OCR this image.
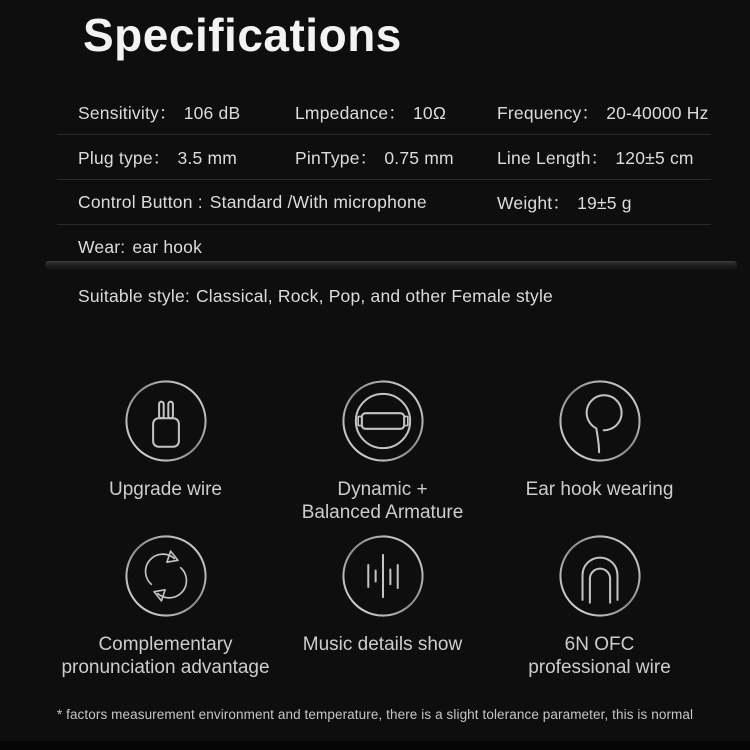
Specifications
Sensitivity： 106 dB	Lmpedance： 10Ω	Frequency： 20-40000 Hz
Plug type： 3.5 mm	PinType： 0.75 mm	Line Length： 120±5 cm
Control Button : Standard /With microphone	Weight： 19±5 g
Wear: ear hook
Suitable style: Classical, Rock, Pop, and other Female style
Upgrade wire	Dynamic +
Balanced Armature
Ear hook wearing
Complementary
pronunciation advantage
Music details show	6N OFC
professional wire
* factors measurement environment and temperature, there is a slight tolerance parameter, this is normal
